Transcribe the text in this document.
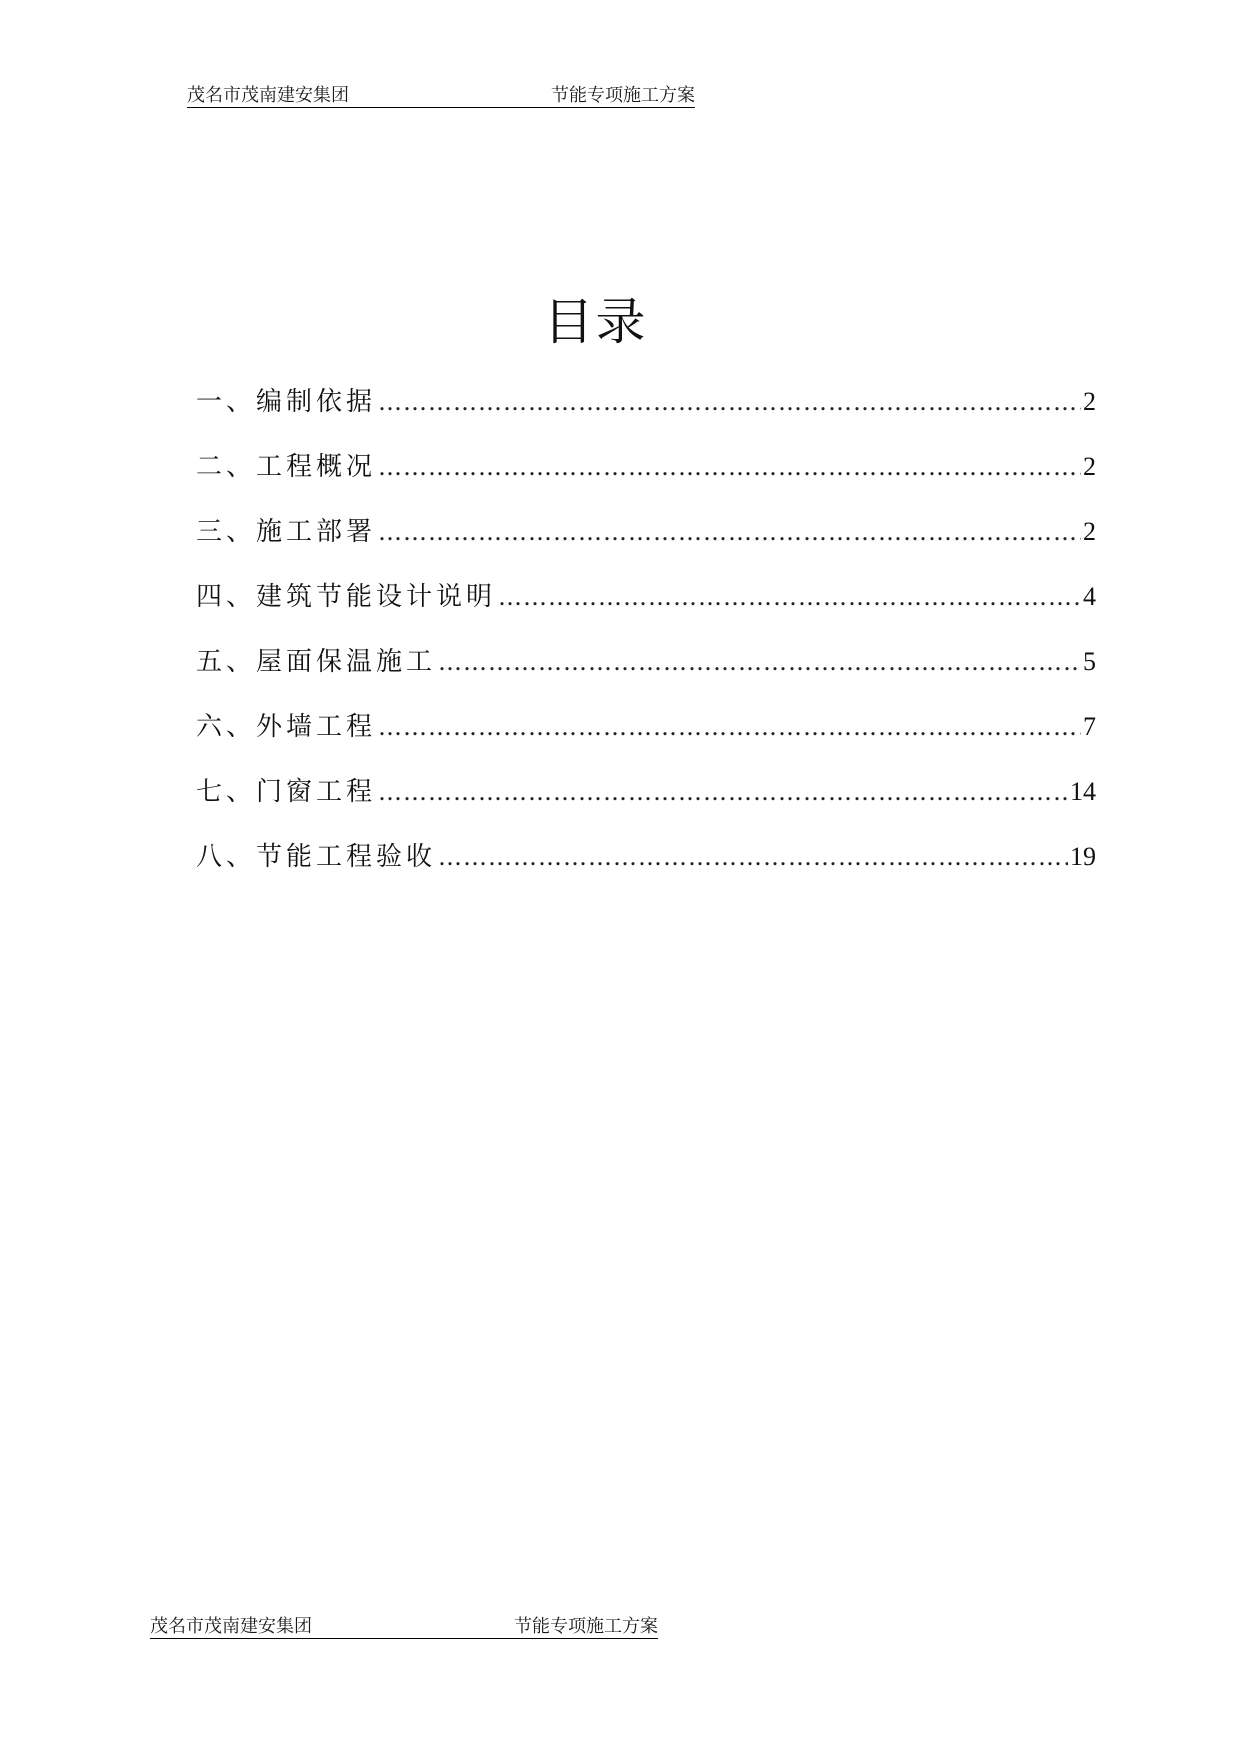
茂名市茂南建安集团	节能专项施工方案
目录
一、编制依据 …………………………………………………………………………………………………………………………………………………………	2
二、工程概况 …………………………………………………………………………………………………………………………………………………………	2
三、施工部署 …………………………………………………………………………………………………………………………………………………………	2
四、建筑节能设计说明 …………………………………………………………………………………………………………………………………………………………	4
五、屋面保温施工 …………………………………………………………………………………………………………………………………………………………	5
六、外墙工程 …………………………………………………………………………………………………………………………………………………………	7
七、门窗工程 …………………………………………………………………………………………………………………………………………………………	14
八、节能工程验收 …………………………………………………………………………………………………………………………………………………………	19
茂名市茂南建安集团	节能专项施工方案
